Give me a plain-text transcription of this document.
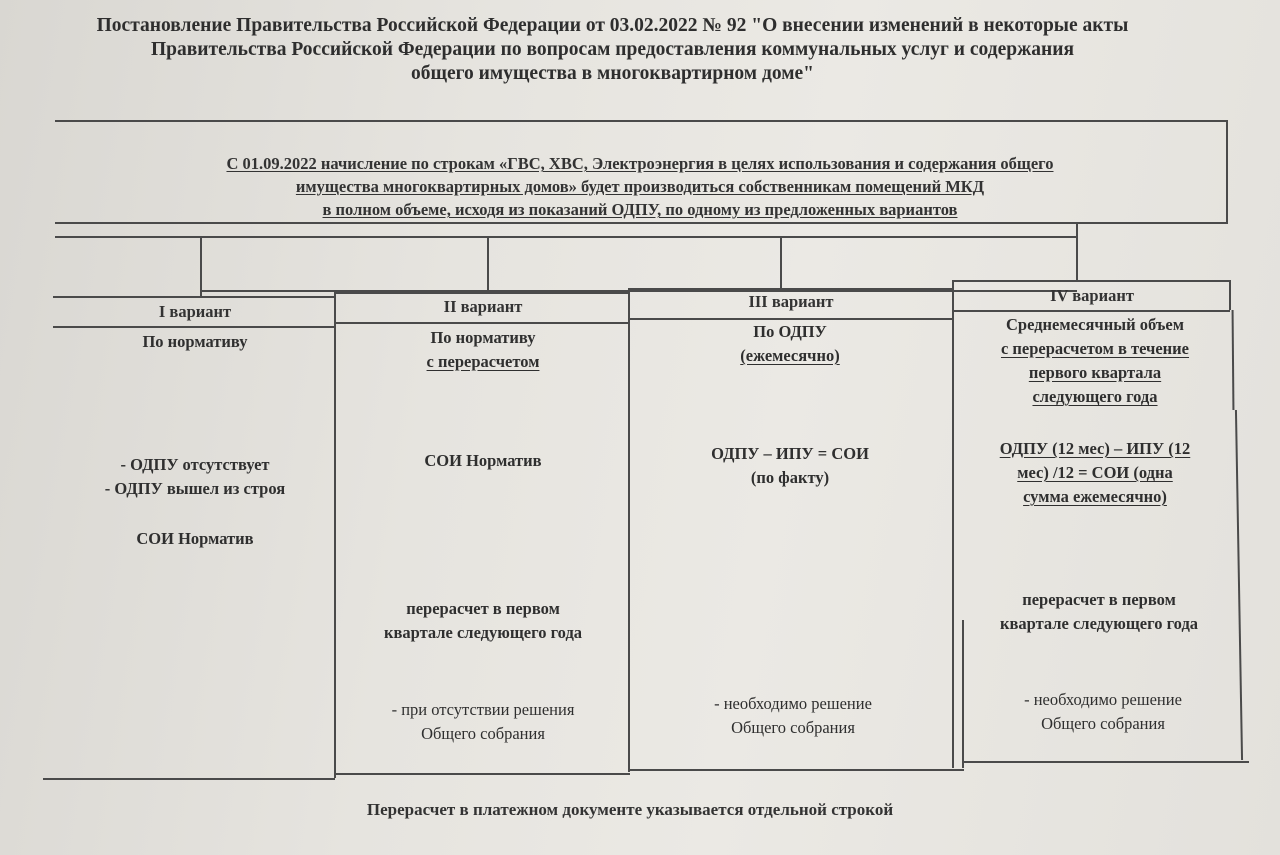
Постановление Правительства Российской Федерации от 03.02.2022 № 92 "О внесении изменений в некоторые акты
Правительства Российской Федерации по вопросам предоставления коммунальных услуг и содержания
общего имущества в многоквартирном доме"
С 01.09.2022 начисление по строкам «ГВС, ХВС, Электроэнергия в целях использования и содержания общего
имущества многоквартирных домов» будет производиться собственникам помещений МКД
в полном объеме, исходя из показаний ОДПУ, по одному из предложенных вариантов
I вариант	II вариант	III вариант	IV вариант
По нормативу
- ОДПУ отсутствует
- ОДПУ вышел из строя
СОИ Норматив
По нормативу
с перерасчетом
СОИ Норматив
перерасчет в первом
квартале следующего года
- при отсутствии решения
Общего собрания
По ОДПУ
(ежемесячно)
ОДПУ – ИПУ = СОИ
(по факту)
- необходимо решение
Общего собрания
Среднемесячный объем
с перерасчетом в течение
первого квартала
следующего года
ОДПУ (12 мес) – ИПУ (12
мес) /12 = СОИ (одна
сумма ежемесячно)
перерасчет в первом
квартале следующего года
- необходимо решение
Общего собрания
Перерасчет в платежном документе указывается отдельной строкой
